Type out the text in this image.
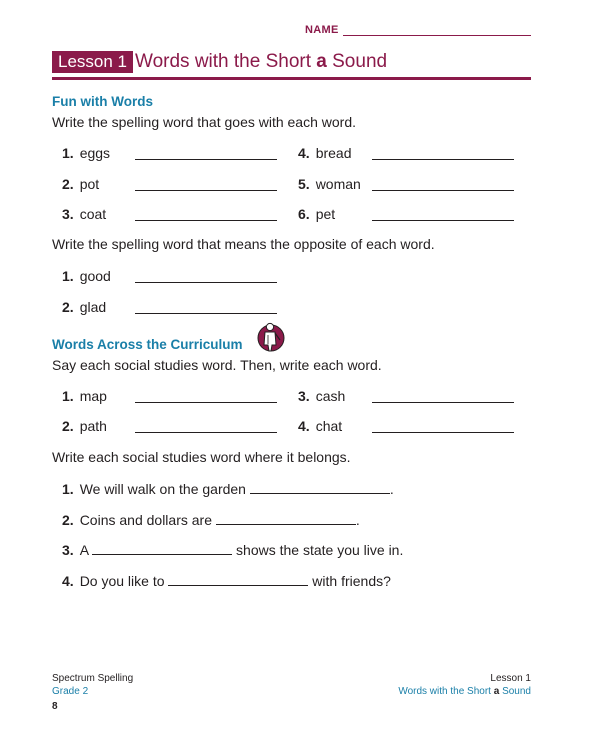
NAME
Lesson 1 Words with the Short a Sound
Fun with Words
Write the spelling word that goes with each word.
1. eggs
2. pot
3. coat
4. bread
5. woman
6. pet
Write the spelling word that means the opposite of each word.
1. good
2. glad
Words Across the Curriculum
Say each social studies word. Then, write each word.
1. map
2. path
3. cash
4. chat
Write each social studies word where it belongs.
1. We will walk on the garden	.
2. Coins and dollars are	.
3. A	shows the state you live in.
4. Do you like to	with friends?
Spectrum Spelling
Grade 2
8
Lesson 1
Words with the Short a Sound
